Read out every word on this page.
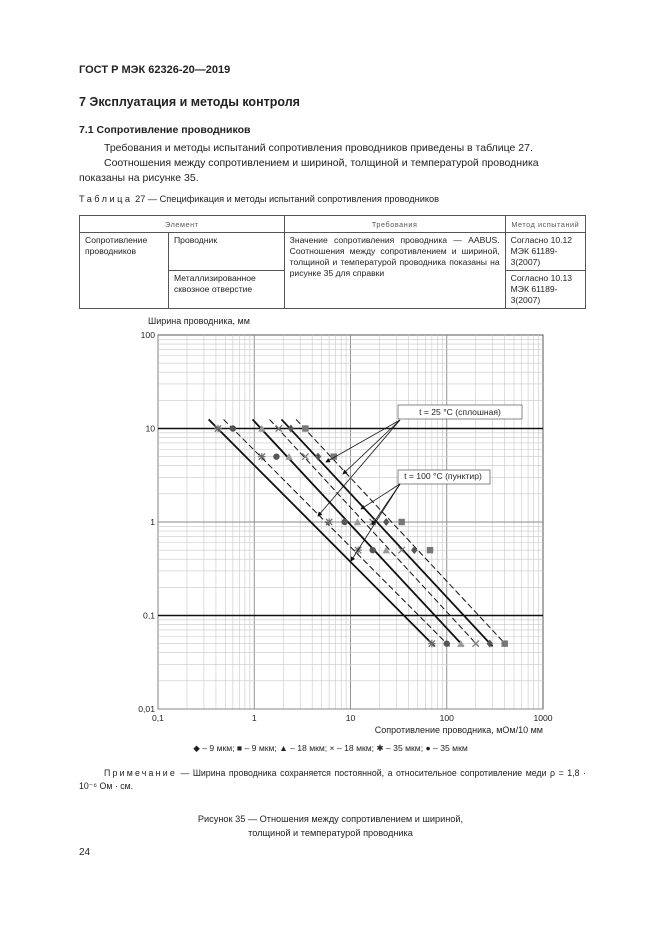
ГОСТ Р МЭК 62326-20—2019
7 Эксплуатация и методы контроля
7.1 Сопротивление проводников
Требования и методы испытаний сопротивления проводников приведены в таблице 27.
Соотношения между сопротивлением и шириной, толщиной и температурой проводника показаны на рисунке 35.
Таблица 27 — Спецификация и методы испытаний сопротивления проводников
Элемент		Требования	Метод испытаний
Сопротивление проводников	Проводник	Значение сопротивления проводника — AABUS. Соотношения между сопротивлением и шириной, толщиной и температурой проводника показаны на рисунке 35 для справки	Согласно 10.12 МЭК 61189-3(2007)
	Металлизированное сквозное отверстие		Согласно 10.13 МЭК 61189-3(2007)
0,1	1	10	100	1000
0,01
0,1
1
10
100
Ширина проводника, мм
Сопротивление проводника, мОм/10 мм
t = 25 °C (сплошная)
t = 100 °C (пунктир)
◆ – 9 мкм; ■ – 9 мкм; ▲ – 18 мкм; × – 18 мкм; ✱ – 35 мкм; ● – 35 мкм
Примечание — Ширина проводника сохраняется постоянной, а относительное сопротивление меди ρ = 1,8 · 10⁻⁶ Ом · см.
Рисунок 35 — Отношения между сопротивлением и шириной,
толщиной и температурой проводника
24
